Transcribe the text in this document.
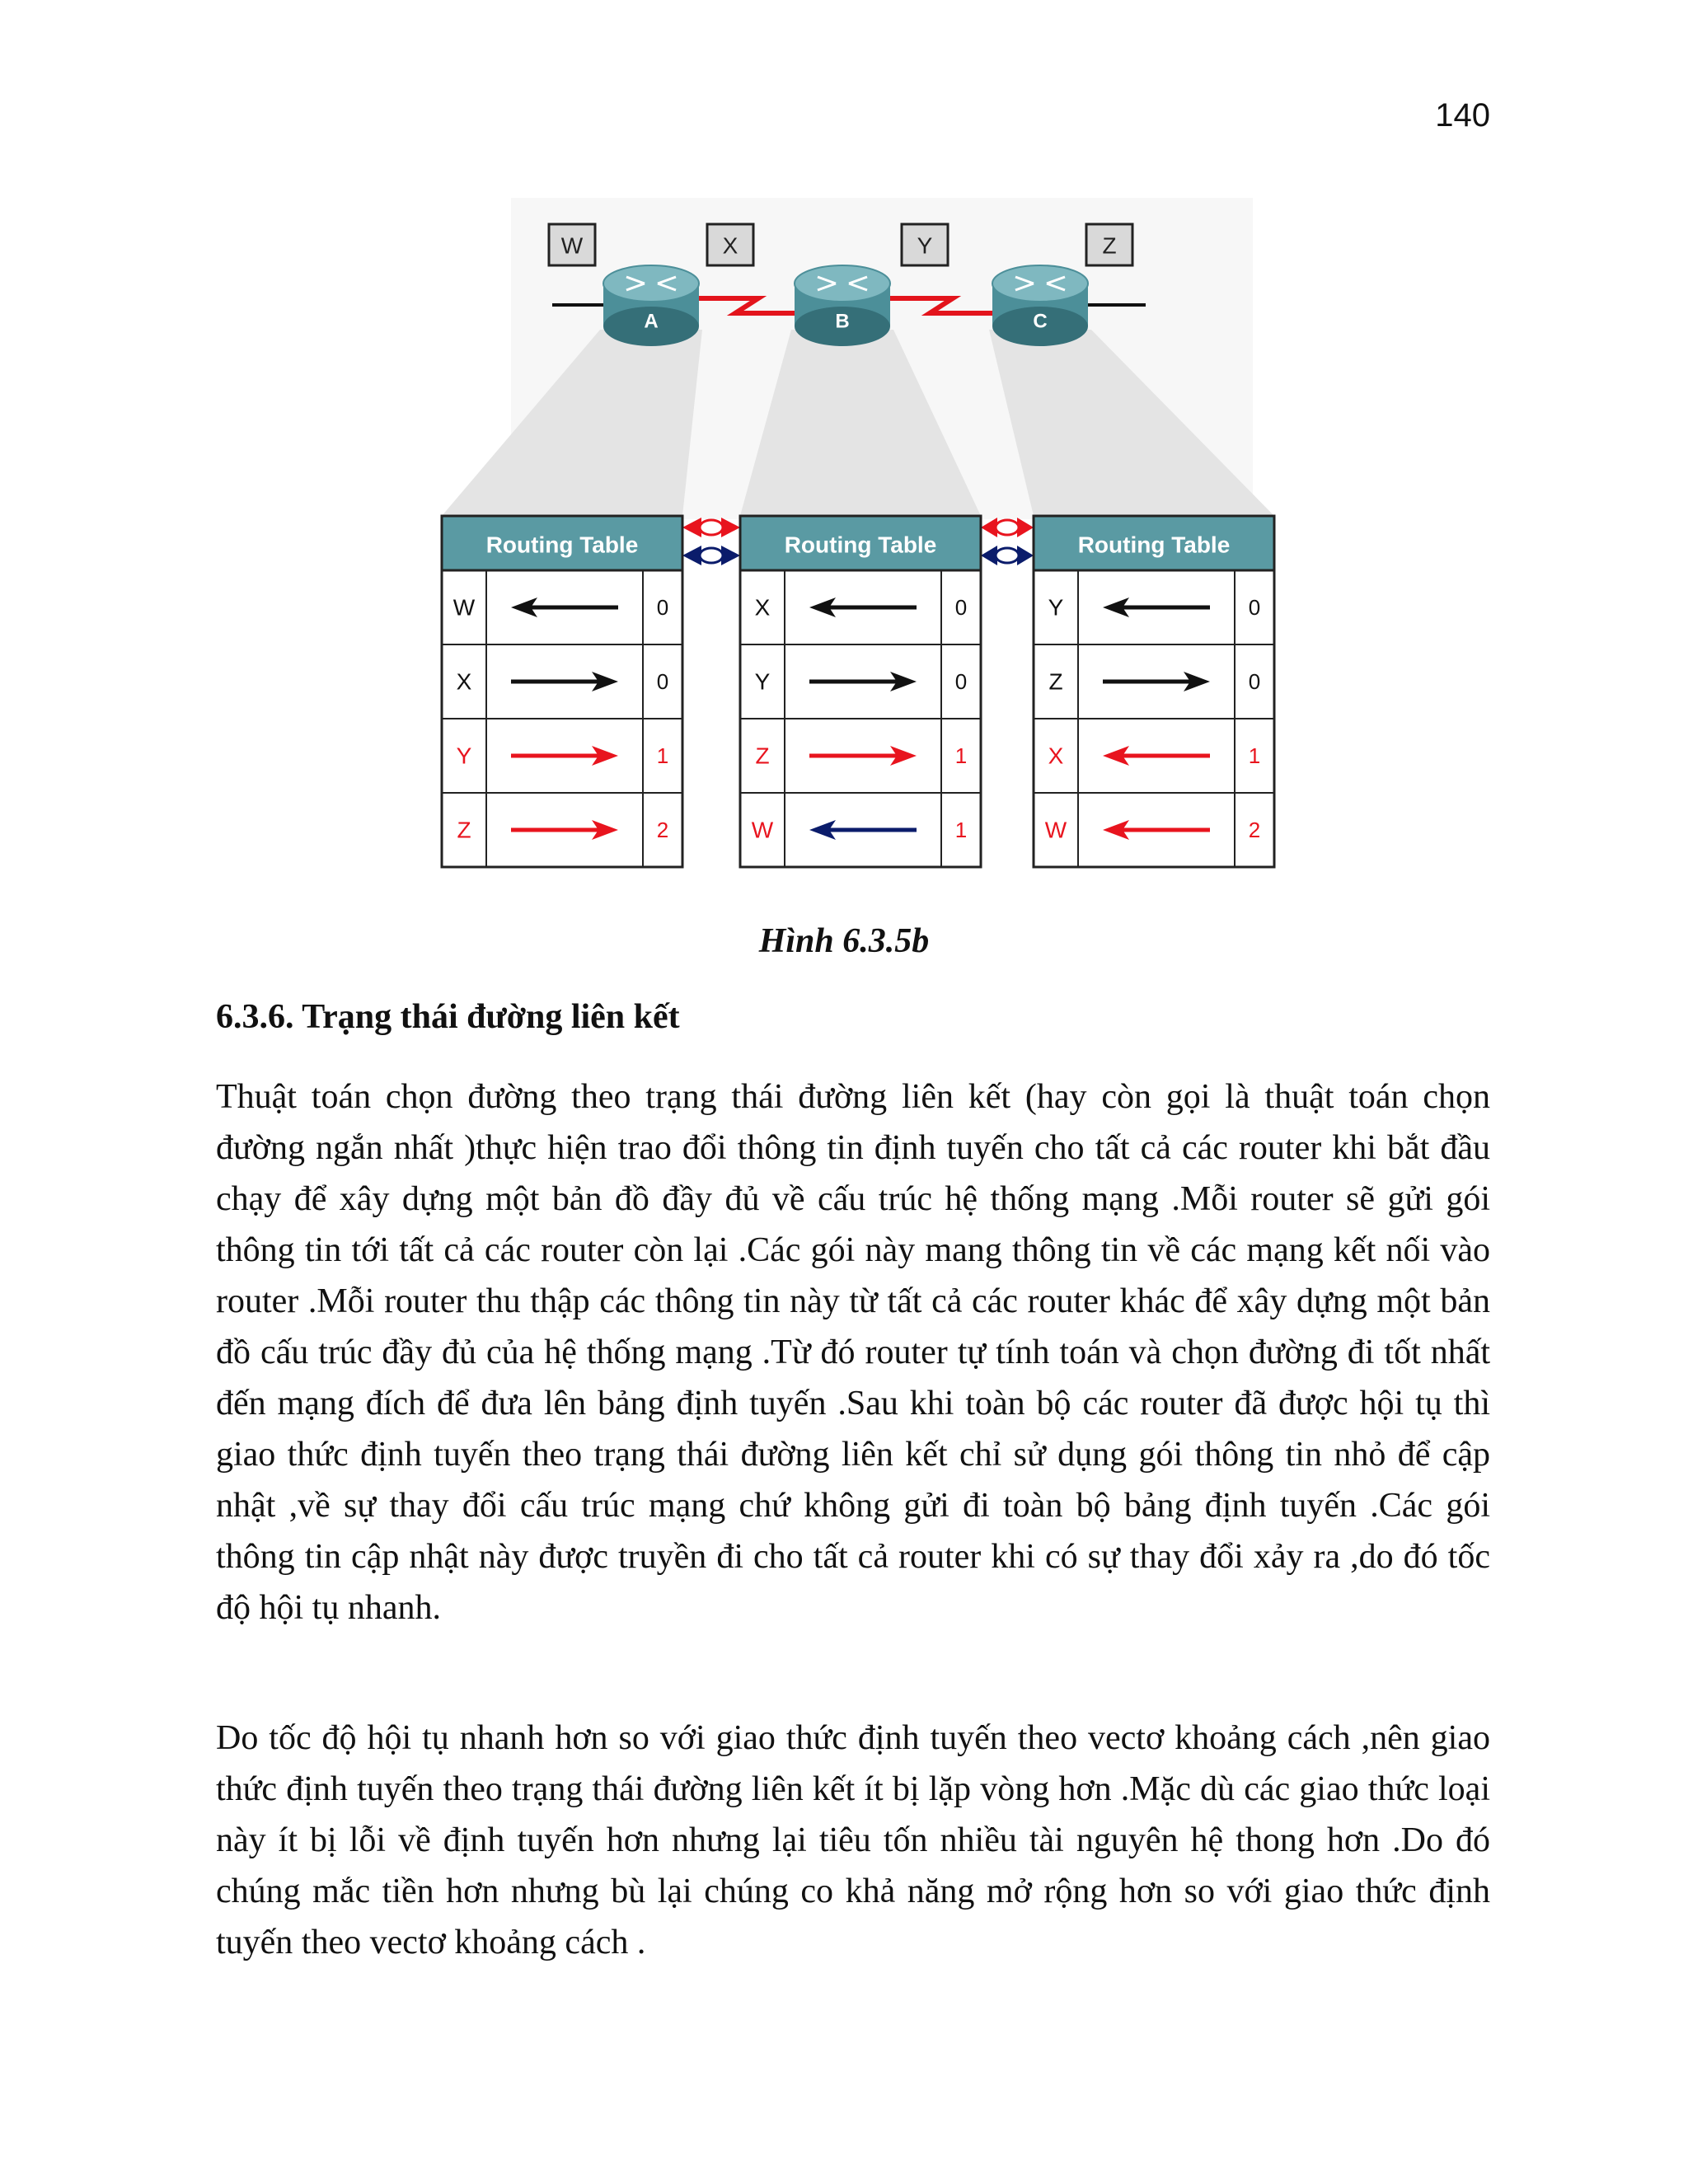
140
W	X	Y	Z
A	B	C
Routing Table
W	0
X	0
Y	1
Z	2
Routing Table
X	0
Y	0
Z	1
W	1
Routing Table
Y	0
Z	0
X	1
W	2
Hình 6.3.5b
6.3.6. Trạng thái đường liên kết

Thuật toán chọn đường theo trạng thái đường liên kết (hay còn gọi là thuật toán chọn đường ngắn nhất )thực hiện trao đổi thông tin định tuyến cho tất cả các router khi bắt đầu chạy để xây dựng một bản đồ đầy đủ về cấu trúc hệ thống mạng .Mỗi router sẽ gửi gói thông tin tới tất cả các router còn lại .Các gói này mang thông tin về các mạng kết nối vào router .Mỗi router thu thập các thông tin này từ tất cả các router khác để xây dựng một bản đồ cấu trúc đầy đủ của hệ thống mạng .Từ đó router tự tính toán và chọn đường đi tốt nhất đến mạng đích để đưa lên bảng định tuyến .Sau khi toàn bộ các router đã được hội tụ thì giao thức định tuyến theo trạng thái đường liên kết chỉ sử dụng gói thông tin nhỏ để cập nhật ,về sự thay đổi cấu trúc mạng chứ không gửi đi toàn bộ bảng định tuyến .Các gói thông tin cập nhật này được truyền đi cho tất cả router khi có sự thay đổi xảy ra ,do đó tốc độ hội tụ nhanh.

Do tốc độ hội tụ nhanh hơn so với giao thức định tuyến theo vectơ khoảng cách ,nên giao thức định tuyến theo trạng thái đường liên kết ít bị lặp vòng hơn .Mặc dù các giao thức loại này ít bị lỗi về định tuyến hơn nhưng lại tiêu tốn nhiều tài nguyên hệ thong hơn .Do đó chúng mắc tiền hơn nhưng bù lại chúng co khả năng mở rộng hơn so với giao thức định tuyến theo vectơ khoảng cách .
